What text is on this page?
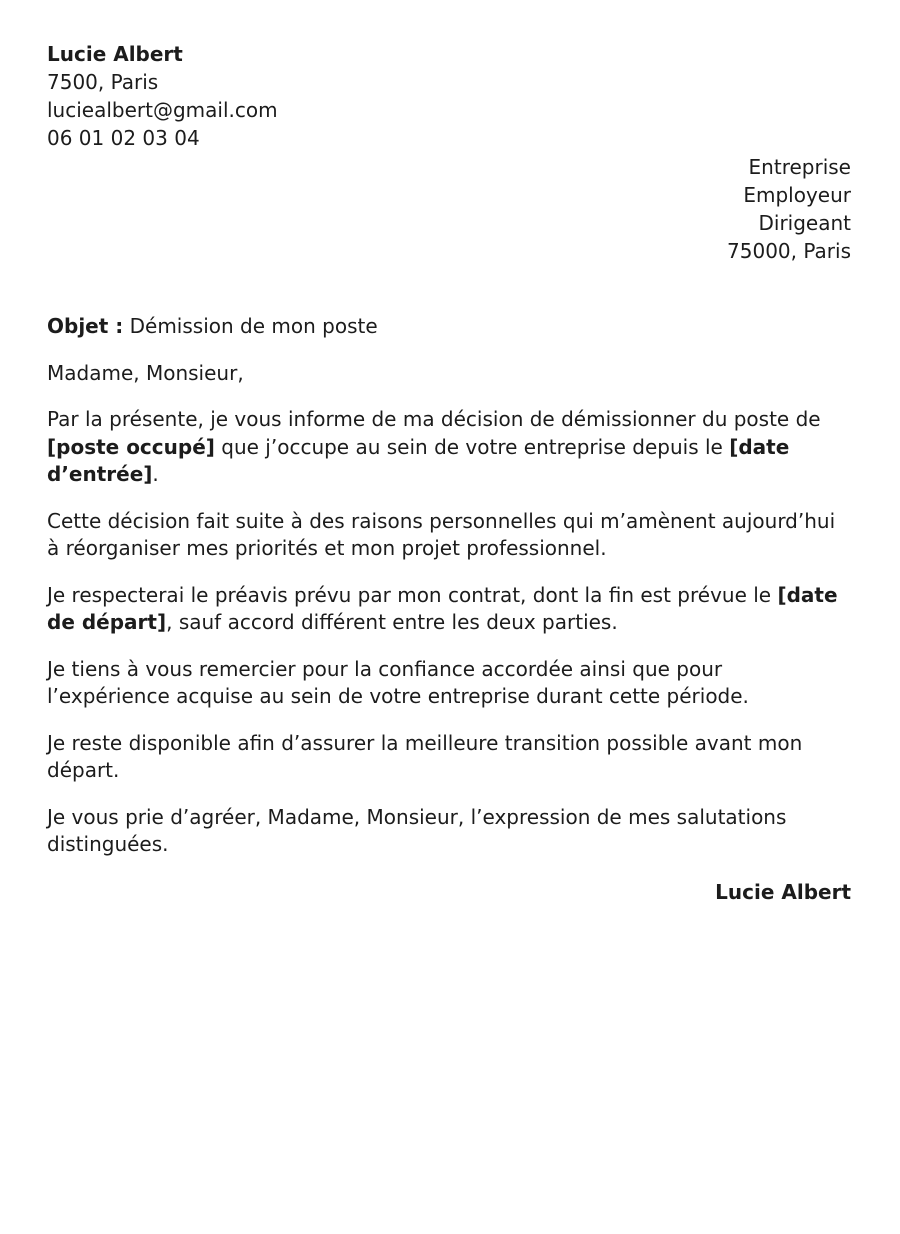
Lucie Albert
7500, Paris
luciealbert@gmail.com
06 01 02 03 04
Entreprise
Employeur
Dirigeant
75000, Paris
Objet : Démission de mon poste
Madame, Monsieur,

Par la présente, je vous informe de ma décision de démissionner du poste de [poste occupé] que j’occupe au sein de votre entreprise depuis le [date d’entrée].

Cette décision fait suite à des raisons personnelles qui m’amènent aujourd’hui à réorganiser mes priorités et mon projet professionnel.

Je respecterai le préavis prévu par mon contrat, dont la fin est prévue le [date de départ], sauf accord différent entre les deux parties.

Je tiens à vous remercier pour la confiance accordée ainsi que pour l’expérience acquise au sein de votre entreprise durant cette période.

Je reste disponible afin d’assurer la meilleure transition possible avant mon départ.

Je vous prie d’agréer, Madame, Monsieur, l’expression de mes salutations distinguées.

Lucie Albert
